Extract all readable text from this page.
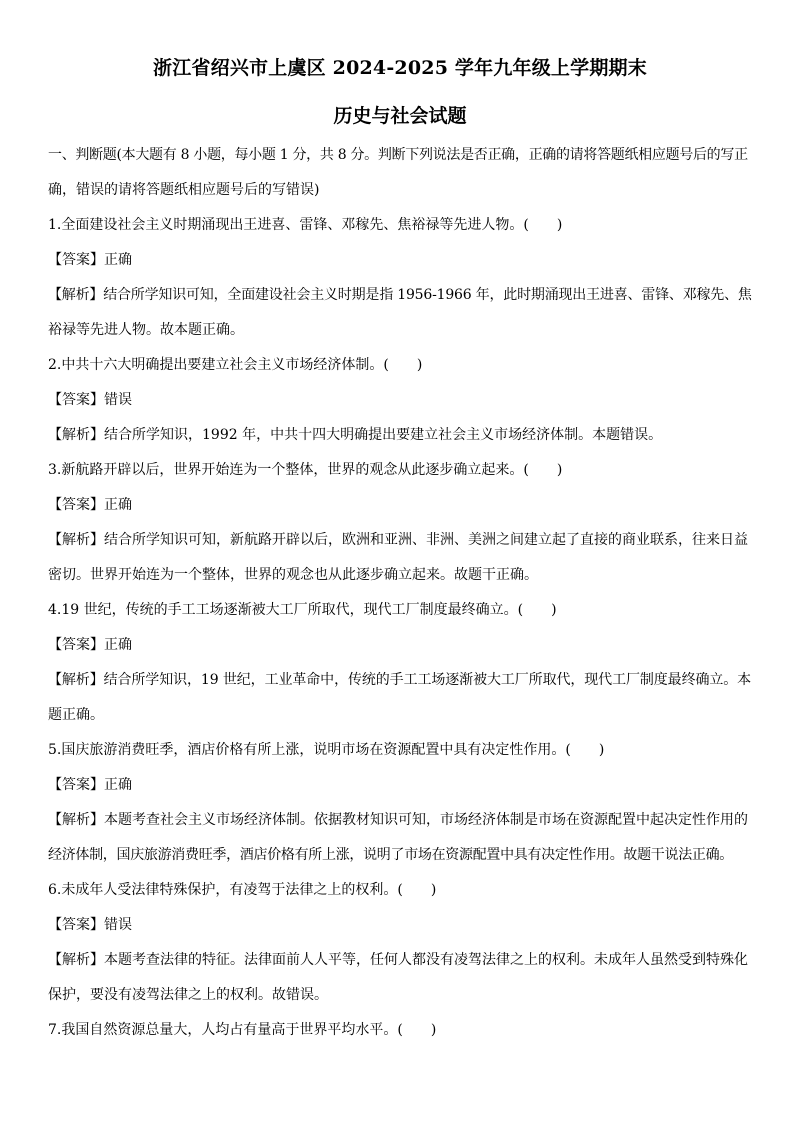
浙江省绍兴市上虞区 2024-2025 学年九年级上学期期末
历史与社会试题

一、判断题(本大题有 8 小题，每小题 1 分，共 8 分。判断下列说法是否正确，正确的请将答题纸相应题号后的写正

确，错误的请将答题纸相应题号后的写错误)

1.全面建设社会主义时期涌现出王进喜、雷锋、邓稼先、焦裕禄等先进人物。(　　)

【答案】正确

【解析】结合所学知识可知，全面建设社会主义时期是指 1956-1966 年，此时期涌现出王进喜、雷锋、邓稼先、焦

裕禄等先进人物。故本题正确。

2.中共十六大明确提出要建立社会主义市场经济体制。(　　)

【答案】错误

【解析】结合所学知识，1992 年，中共十四大明确提出要建立社会主义市场经济体制。本题错误。

3.新航路开辟以后，世界开始连为一个整体，世界的观念从此逐步确立起来。(　　)

【答案】正确

【解析】结合所学知识可知，新航路开辟以后，欧洲和亚洲、非洲、美洲之间建立起了直接的商业联系，往来日益

密切。世界开始连为一个整体，世界的观念也从此逐步确立起来。故题干正确。

4.19 世纪，传统的手工工场逐渐被大工厂所取代，现代工厂制度最终确立。(　　)

【答案】正确

【解析】结合所学知识，19 世纪，工业革命中，传统的手工工场逐渐被大工厂所取代，现代工厂制度最终确立。本

题正确。

5.国庆旅游消费旺季，酒店价格有所上涨，说明市场在资源配置中具有决定性作用。(　　)

【答案】正确

【解析】本题考查社会主义市场经济体制。依据教材知识可知，市场经济体制是市场在资源配置中起决定性作用的

经济体制，国庆旅游消费旺季，酒店价格有所上涨，说明了市场在资源配置中具有决定性作用。故题干说法正确。

6.未成年人受法律特殊保护，有凌驾于法律之上的权利。(　　)

【答案】错误

【解析】本题考查法律的特征。法律面前人人平等，任何人都没有凌驾法律之上的权利。未成年人虽然受到特殊化

保护，要没有凌驾法律之上的权利。故错误。

7.我国自然资源总量大，人均占有量高于世界平均水平。(　　)
